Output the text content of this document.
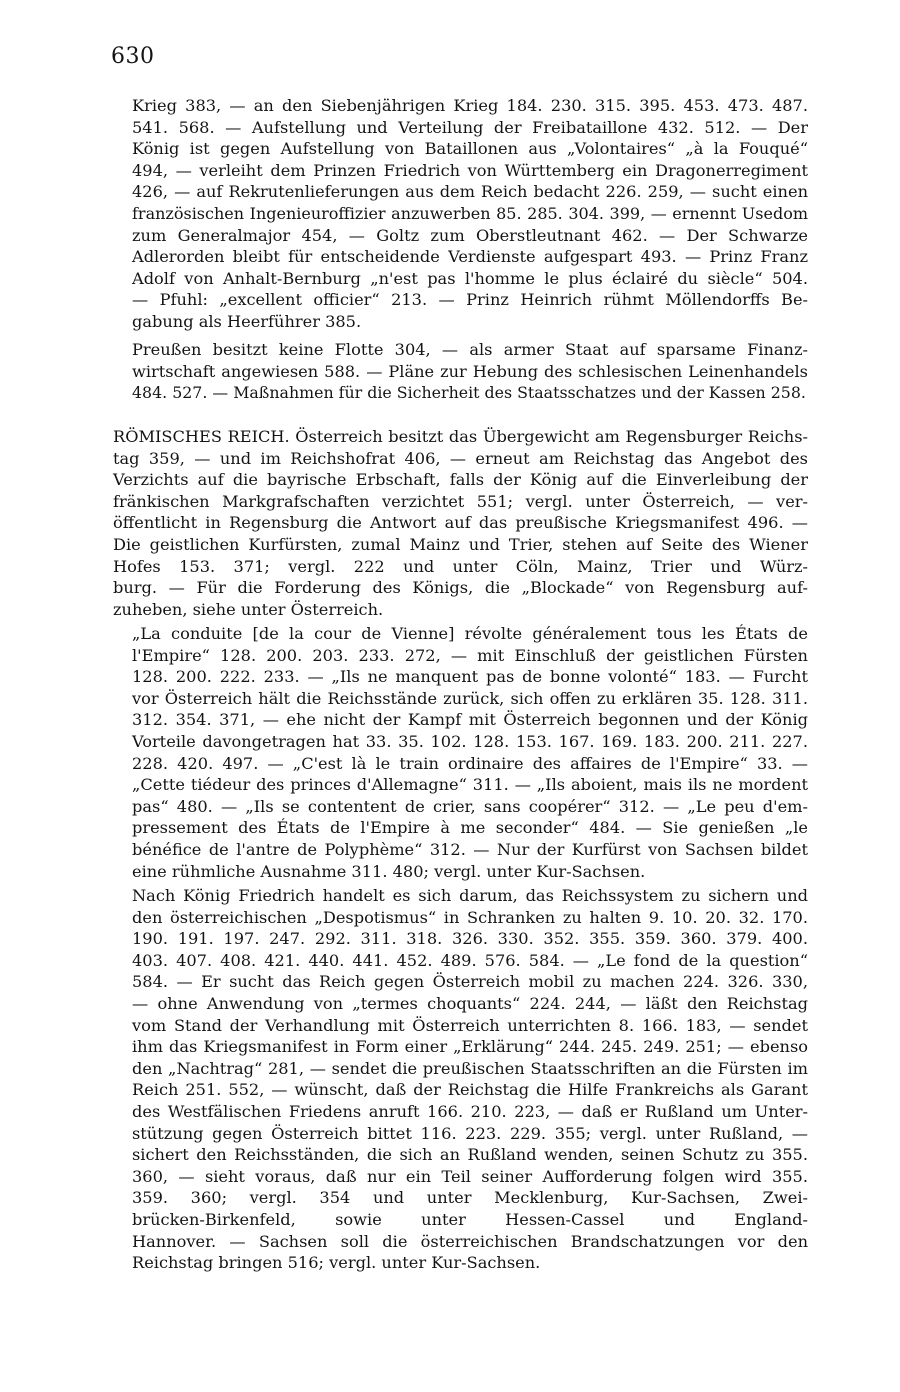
630
Krieg 383, — an den Siebenjährigen Krieg 184. 230. 315. 395. 453. 473. 487.
541. 568. — Aufstellung und Verteilung der Freibataillone 432. 512. — Der
König ist gegen Aufstellung von Bataillonen aus „Volontaires“ „à la Fouqué“
494, — verleiht dem Prinzen Friedrich von Württemberg ein Dragonerregiment
426, — auf Rekrutenlieferungen aus dem Reich bedacht 226. 259, — sucht einen
französischen Ingenieuroffizier anzuwerben 85. 285. 304. 399, — ernennt Usedom
zum Generalmajor 454, — Goltz zum Oberstleutnant 462. — Der Schwarze
Adlerorden bleibt für entscheidende Verdienste aufgespart 493. — Prinz Franz
Adolf von Anhalt-Bernburg „n'est pas l'homme le plus éclairé du siècle“ 504.
— Pfuhl: „excellent officier“ 213. — Prinz Heinrich rühmt Möllendorffs Be-
gabung als Heerführer 385.
Preußen besitzt keine Flotte 304, — als armer Staat auf sparsame Finanz-
wirtschaft angewiesen 588. — Pläne zur Hebung des schlesischen Leinenhandels
484. 527. — Maßnahmen für die Sicherheit des Staatsschatzes und der Kassen 258.
RÖMISCHES REICH. Österreich besitzt das Übergewicht am Regensburger Reichs-
tag 359, — und im Reichshofrat 406, — erneut am Reichstag das Angebot des
Verzichts auf die bayrische Erbschaft, falls der König auf die Einverleibung der
fränkischen Markgrafschaften verzichtet 551; vergl. unter Österreich, — ver-
öffentlicht in Regensburg die Antwort auf das preußische Kriegsmanifest 496. —
Die geistlichen Kurfürsten, zumal Mainz und Trier, stehen auf Seite des Wiener
Hofes 153. 371; vergl. 222 und unter Cöln, Mainz, Trier und Würz-
burg. — Für die Forderung des Königs, die „Blockade“ von Regensburg auf-
zuheben, siehe unter Österreich.
„La conduite [de la cour de Vienne] révolte généralement tous les États de
l'Empire“ 128. 200. 203. 233. 272, — mit Einschluß der geistlichen Fürsten
128. 200. 222. 233. — „Ils ne manquent pas de bonne volonté“ 183. — Furcht
vor Österreich hält die Reichsstände zurück, sich offen zu erklären 35. 128. 311.
312. 354. 371, — ehe nicht der Kampf mit Österreich begonnen und der König
Vorteile davongetragen hat 33. 35. 102. 128. 153. 167. 169. 183. 200. 211. 227.
228. 420. 497. — „C'est là le train ordinaire des affaires de l'Empire“ 33. —
„Cette tiédeur des princes d'Allemagne“ 311. — „Ils aboient, mais ils ne mordent
pas“ 480. — „Ils se contentent de crier, sans coopérer“ 312. — „Le peu d'em-
pressement des États de l'Empire à me seconder“ 484. — Sie genießen „le
bénéfice de l'antre de Polyphème“ 312. — Nur der Kurfürst von Sachsen bildet
eine rühmliche Ausnahme 311. 480; vergl. unter Kur-Sachsen.
Nach König Friedrich handelt es sich darum, das Reichssystem zu sichern und
den österreichischen „Despotismus“ in Schranken zu halten 9. 10. 20. 32. 170.
190. 191. 197. 247. 292. 311. 318. 326. 330. 352. 355. 359. 360. 379. 400.
403. 407. 408. 421. 440. 441. 452. 489. 576. 584. — „Le fond de la question“
584. — Er sucht das Reich gegen Österreich mobil zu machen 224. 326. 330,
— ohne Anwendung von „termes choquants“ 224. 244, — läßt den Reichstag
vom Stand der Verhandlung mit Österreich unterrichten 8. 166. 183, — sendet
ihm das Kriegsmanifest in Form einer „Erklärung“ 244. 245. 249. 251; — ebenso
den „Nachtrag“ 281, — sendet die preußischen Staatsschriften an die Fürsten im
Reich 251. 552, — wünscht, daß der Reichstag die Hilfe Frankreichs als Garant
des Westfälischen Friedens anruft 166. 210. 223, — daß er Rußland um Unter-
stützung gegen Österreich bittet 116. 223. 229. 355; vergl. unter Rußland, —
sichert den Reichsständen, die sich an Rußland wenden, seinen Schutz zu 355.
360, — sieht voraus, daß nur ein Teil seiner Aufforderung folgen wird 355.
359. 360; vergl. 354 und unter Mecklenburg, Kur-Sachsen, Zwei-
brücken-Birkenfeld, sowie unter Hessen-Cassel und England-
Hannover. — Sachsen soll die österreichischen Brandschatzungen vor den
Reichstag bringen 516; vergl. unter Kur-Sachsen.
